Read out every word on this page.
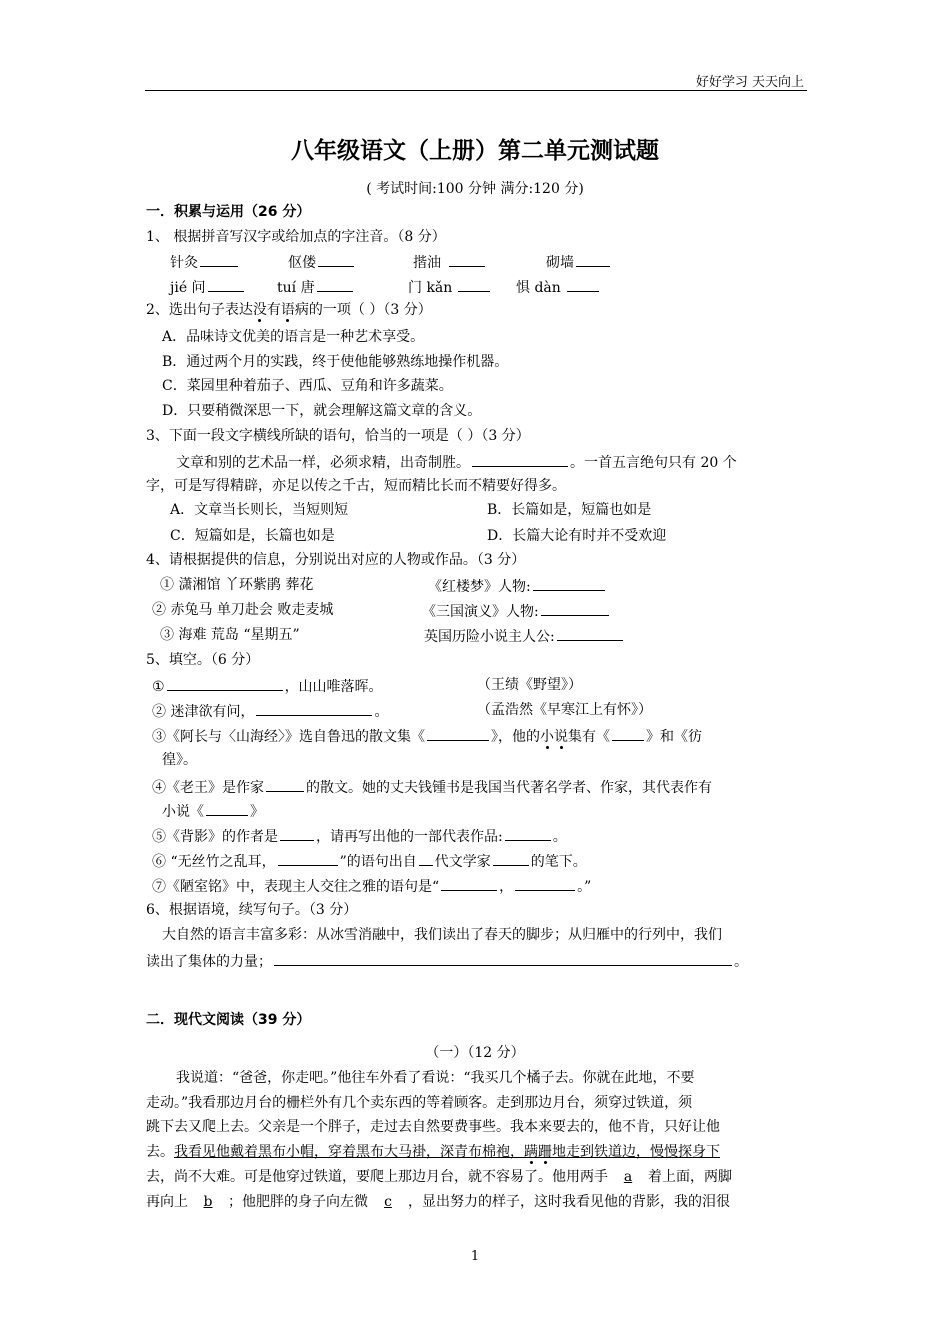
好好学习 天天向上
八年级语文（上册）第二单元测试题
( 考试时间:100 分钟 满分:120 分)
一．积累与运用（26 分）
1、 根据拼音写汉字或给加点的字注音。（8 分）
针灸	伛偻	揩油	砌墙
jié 问	tuí 唐	门 kǎn	惧 dàn
2、选出句子表达没有语病的一项（ ）（3 分）
A．品味诗文优美的语言是一种艺术享受。
B．通过两个月的实践，终于使他能够熟练地操作机器。
C．菜园里种着茄子、西瓜、豆角和许多蔬菜。
D．只要稍微深思一下，就会理解这篇文章的含义。
3、下面一段文字横线所缺的语句，恰当的一项是（ ）（3 分）
文章和别的艺术品一样，必须求精，出奇制胜。	。一首五言绝句只有 20 个
字，可是写得精辟，亦足以传之千古，短而精比长而不精要好得多。
A．文章当长则长，当短则短	B．长篇如是，短篇也如是
C．短篇如是，长篇也如是	D．长篇大论有时并不受欢迎
4、请根据提供的信息，分别说出对应的人物或作品。（3 分）
① 潇湘馆 丫环紫鹃 葬花	《红楼梦》人物:
② 赤兔马 单刀赴会 败走麦城	《三国演义》人物:
③ 海难 荒岛 “星期五”	英国历险小说主人公:
5、填空。（6 分）
①	，山山唯落晖。	（王绩《野望》）
② 迷津欲有问，	。	（孟浩然《早寒江上有怀》）
③《阿长与〈山海经〉》选自鲁迅的散文集《	》，他的小说集有《	》和《彷
徨》。
④《老王》是作家	的散文。她的丈夫钱锺书是我国当代著名学者、作家，其代表作有
小说《	》
⑤《背影》的作者是	，请再写出他的一部代表作品:	。
⑥ “无丝竹之乱耳，	”的语句出自 代文学家	的笔下。
⑦《陋室铭》中，表现主人交往之雅的语句是“	，	。”
6、根据语境，续写句子。（3 分）
大自然的语言丰富多彩：从冰雪消融中，我们读出了春天的脚步；从归雁中的行列中，我们
读出了集体的力量；	。
二．现代文阅读（39 分）
（一）（12 分）
我说道：“爸爸，你走吧。”他往车外看了看说：“我买几个橘子去。你就在此地，不要
走动。”我看那边月台的栅栏外有几个卖东西的等着顾客。走到那边月台，须穿过铁道，须
跳下去又爬上去。父亲是一个胖子，走过去自然要费事些。我本来要去的，他不肯，只好让他
去。我看见他戴着黑布小帽，穿着黑布大马褂，深青布棉袍，蹒跚地走到铁道边，慢慢探身下
去，尚不大难。可是他穿过铁道，要爬上那边月台，就不容易了。他用两手 a 着上面，两脚
再向上 b ；他肥胖的身子向左微 c ，显出努力的样子，这时我看见他的背影，我的泪很
1
